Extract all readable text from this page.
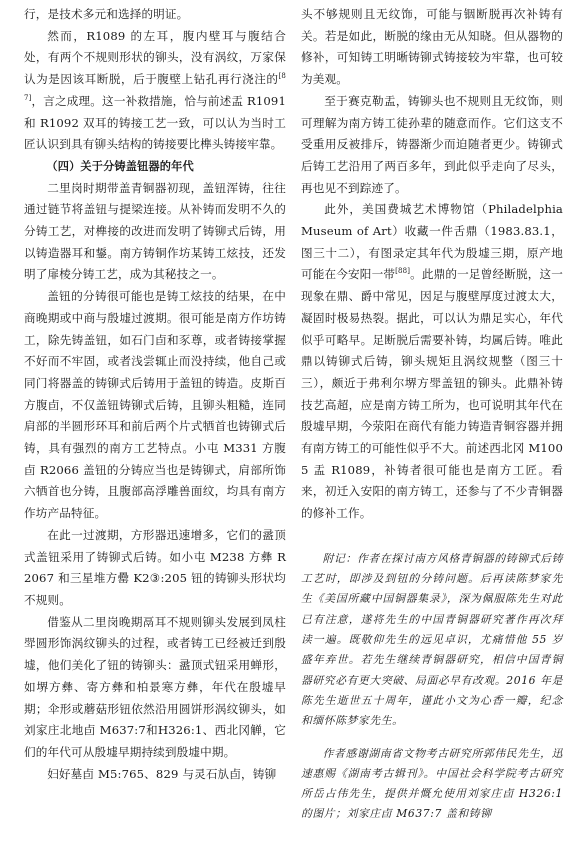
行，是技术多元和选择的明证。

然而，R1089 的左耳，腹内壁耳与腹结合处，有两个不规则形状的铆头，没有涡纹，万家保认为是因该耳断脱，后于腹壁上钻孔再行浇注的[87]，言之成理。这一补救措施，恰与前述盂 R1091 和 R1092 双耳的铸接工艺一致，可以认为当时工匠认识到具有铆头结构的铸接要比榫头铸接牢靠。

（四）关于分铸盖钮器的年代

二里岗时期带盖青铜器初现，盖钮浑铸，往往通过链节将盖钮与提梁连接。从补铸而发明不久的分铸工艺，对榫接的改进而发明了铸铆式后铸，用以铸造器耳和鋬。南方铸铜作坊某铸工炫技，还发明了扉棱分铸工艺，成为其秘技之一。

盖钮的分铸很可能也是铸工炫技的结果，在中商晚期或中商与殷墟过渡期。很可能是南方作坊铸工，除先铸盖钮，如石门卣和豕尊，或者铸接掌握不好而不牢固，或者浅尝辄止而没持续，他自己或同门将器盖的铸铆式后铸用于盖钮的铸造。皮斯百方腹卣，不仅盖钮铸铆式后铸，且铆头粗糙，连同肩部的半圆形环耳和前后两个片式牺首也铸铆式后铸，具有强烈的南方工艺特点。小屯 M331 方腹卣 R2066 盖钮的分铸应当也是铸铆式，肩部所饰六牺首也分铸，且腹部高浮雕兽面纹，均具有南方作坊产品特征。

在此一过渡期，方形器迅速增多，它们的盝顶式盖钮采用了铸铆式后铸。如小屯 M238 方彝 R2067 和三星堆方罍 K2③:205 钮的铸铆头形状均不规则。

借鉴从二里岗晚期鬲耳不规则铆头发展到凤柱斝圆形饰涡纹铆头的过程，或者铸工已经被迁到殷墟，他们美化了钮的铸铆头：盝顶式钮采用蝉形，如堺方彝、寄方彝和柏景寒方彝，年代在殷墟早期；伞形或蘑菇形钮依然沿用圆饼形涡纹铆头，如刘家庄北地卣 M637:7和H326:1、西北冈觯，它们的年代可从殷墟早期持续到殷墟中期。

妇好墓卣 M5:765、829 与灵石㫃卣，铸铆

头不够规则且无纹饰，可能与铟断脱再次补铸有关。若是如此，断脱的缘由无从知晓。但从器物的修补，可知铸工明晰铸铆式铸接较为牢靠，也可较为美观。

至于赛克勒盂，铸铆头也不规则且无纹饰，则可理解为南方铸工徒孙辈的随意而作。它们这支不受重用反被排斥，铸器渐少而迫随者更少。铸铆式后铸工艺沿用了两百多年，到此似乎走向了尽头，再也见不到踪迹了。

此外，美国费城艺术博物馆（Philadelphia Museum of Art）收藏一件舌鼎（1983.83.1，图三十二），有图录定其年代为殷墟三期，原产地可能在今安阳一带[88]。此鼎的一足曾经断脱，这一现象在鼎、爵中常见，因足与腹壁厚度过渡太大，凝固时极易热裂。据此，可以认为鼎足实心，年代似乎可略早。足断脱后需要补铸，均属后铸。唯此鼎以铸铆式后铸，铆头规矩且涡纹规整（图三十三），颇近于弗利尔堺方斝盖钮的铆头。此鼎补铸技艺高超，应是南方铸工所为，也可说明其年代在殷墟早期，今荥阳在商代有能力铸造青铜容器并拥有南方铸工的可能性似乎不大。前述西北冈 M1005 盂 R1089，补铸者很可能也是南方工匠。看来，初迁入安阳的南方铸工，还参与了不少青铜器的修补工作。

附记：作者在探讨南方风格青铜器的铸铆式后铸工艺时，即涉及到钮的分铸问题。后再读陈梦家先生《美国所藏中国铜器集录》，深为佩服陈先生对此已有注意，遂将先生的中国青铜器研究著作再次拜读一遍。既敬仰先生的远见卓识，尤痛惜他 55 岁盛年弃世。若先生继续青铜器研究，相信中国青铜器研究必有更大突破、局面必早有改观。2016 年是陈先生逝世五十周年，谨此小文为心香一瓣，纪念和缅怀陈梦家先生。

作者感谢湖南省文物考古研究所郭伟民先生，迅速惠赐《湖南考古辑刊》。中国社会科学院考古研究所岳占伟先生，提供并慨允使用刘家庄卣 H326:1 的图片；刘家庄卣 M637:7 盖和铸铆
